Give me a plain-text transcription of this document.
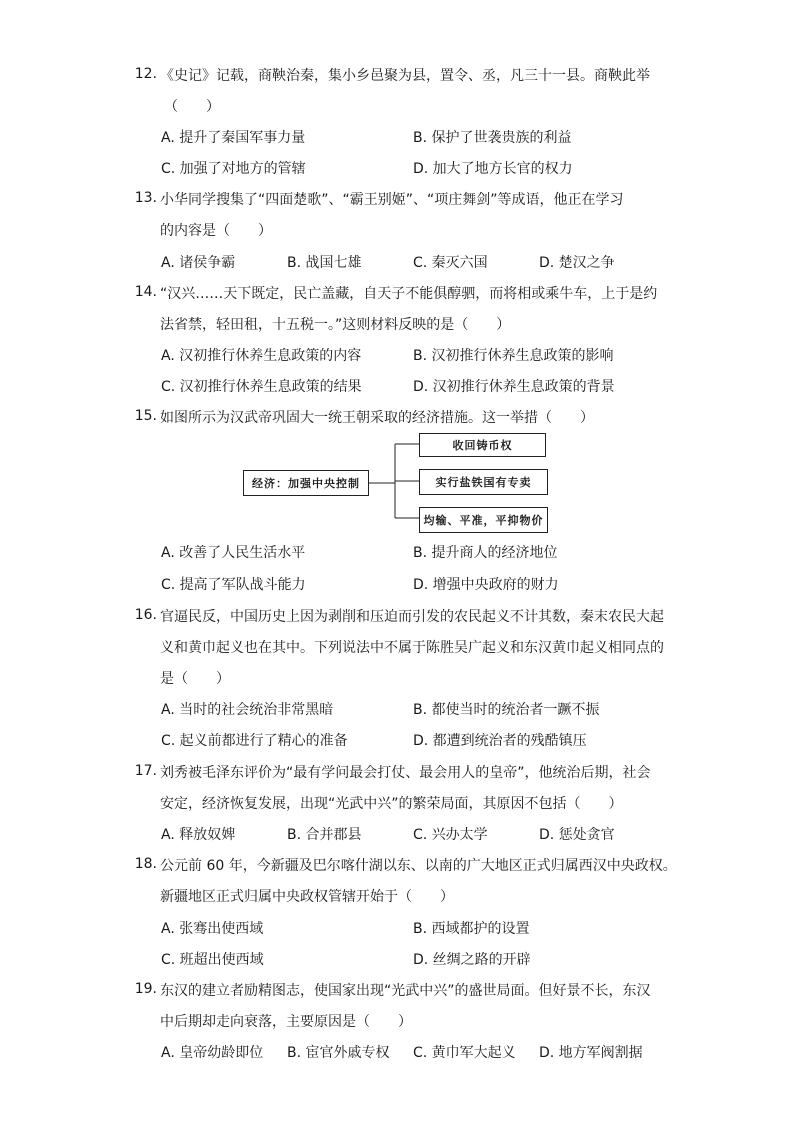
12. 《史记》记载，商鞅治秦，集小乡邑聚为县，置令、丞，凡三十一县。商鞅此举
（　　）
A. 提升了秦国军事力量	B. 保护了世袭贵族的利益
C. 加强了对地方的管辖	D. 加大了地方长官的权力
13. 小华同学搜集了“四面楚歌”、“霸王别姬”、“项庄舞剑”等成语，他正在学习
的内容是（　　）
A. 诸侯争霸	B. 战国七雄	C. 秦灭六国	D. 楚汉之争
14. “汉兴……天下既定，民亡盖藏，自天子不能俱醇驷，而将相或乘牛车，上于是约
法省禁，轻田租，十五税一。”这则材料反映的是（　　）
A. 汉初推行休养生息政策的内容	B. 汉初推行休养生息政策的影响
C. 汉初推行休养生息政策的结果	D. 汉初推行休养生息政策的背景
15. 如图所示为汉武帝巩固大一统王朝采取的经济措施。这一举措（　　）
经济：加强中央控制
收回铸币权
实行盐铁国有专卖
均输、平准，平抑物价
A. 改善了人民生活水平	B. 提升商人的经济地位
C. 提高了军队战斗能力	D. 增强中央政府的财力
16. 官逼民反，中国历史上因为剥削和压迫而引发的农民起义不计其数，秦末农民大起
义和黄巾起义也在其中。下列说法中不属于陈胜吴广起义和东汉黄巾起义相同点的
是（　　）
A. 当时的社会统治非常黑暗	B. 都使当时的统治者一蹶不振
C. 起义前都进行了精心的准备	D. 都遭到统治者的残酷镇压
17. 刘秀被毛泽东评价为“最有学问最会打仗、最会用人的皇帝”，他统治后期，社会
安定，经济恢复发展，出现“光武中兴”的繁荣局面，其原因不包括（　　）
A. 释放奴婢	B. 合并郡县	C. 兴办太学	D. 惩处贪官
18. 公元前 60 年，今新疆及巴尔喀什湖以东、以南的广大地区正式归属西汉中央政权。
新疆地区正式归属中央政权管辖开始于（　　）
A. 张骞出使西域	B. 西域都护的设置
C. 班超出使西域	D. 丝绸之路的开辟
19. 东汉的建立者励精图志，使国家出现“光武中兴”的盛世局面。但好景不长，东汉
中后期却走向衰落，主要原因是（　　）
A. 皇帝幼龄即位 B. 宦官外戚专权 C. 黄巾军大起义 D. 地方军阀割据
